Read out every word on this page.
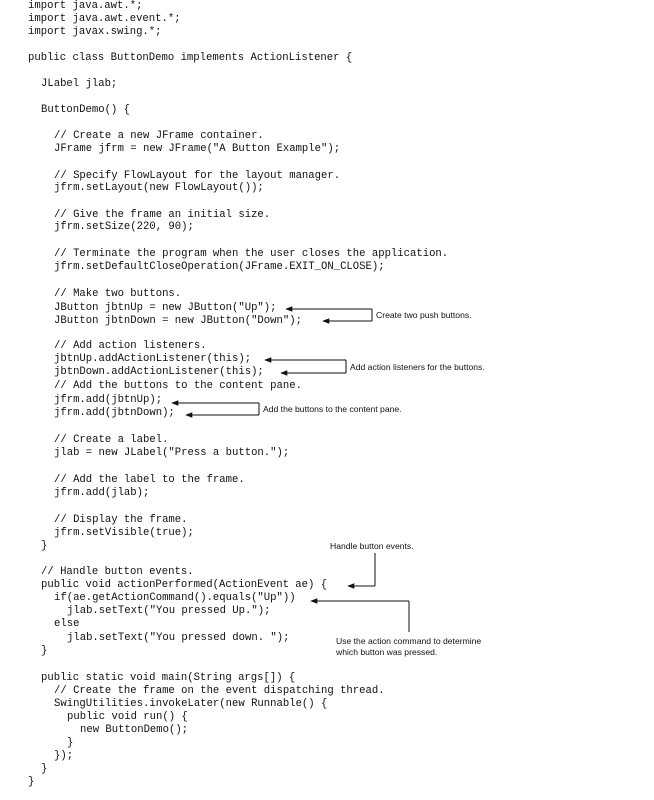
import java.awt.*;
import java.awt.event.*;
import javax.swing.*;
public class ButtonDemo implements ActionListener {
JLabel jlab;
ButtonDemo() {
// Create a new JFrame container.
JFrame jfrm = new JFrame("A Button Example");
// Specify FlowLayout for the layout manager.
jfrm.setLayout(new FlowLayout());
// Give the frame an initial size.
jfrm.setSize(220, 90);
// Terminate the program when the user closes the application.
jfrm.setDefaultCloseOperation(JFrame.EXIT_ON_CLOSE);
// Make two buttons.
JButton jbtnUp = new JButton("Up");
JButton jbtnDown = new JButton("Down");
// Add action listeners.
jbtnUp.addActionListener(this);
jbtnDown.addActionListener(this);
// Add the buttons to the content pane.
jfrm.add(jbtnUp);
jfrm.add(jbtnDown);
// Create a label.
jlab = new JLabel("Press a button.");
// Add the label to the frame.
jfrm.add(jlab);
// Display the frame.
jfrm.setVisible(true);
}
// Handle button events.
public void actionPerformed(ActionEvent ae) {
if(ae.getActionCommand().equals("Up"))
jlab.setText("You pressed Up.");
else
jlab.setText("You pressed down. ");
}
public static void main(String args[]) {
// Create the frame on the event dispatching thread.
SwingUtilities.invokeLater(new Runnable() {
public void run() {
new ButtonDemo();
}
});
}
}
Create two push buttons.
Add action listeners for the buttons.
Add the buttons to the content pane.
Handle button events.
Use the action command to determine
which button was pressed.
